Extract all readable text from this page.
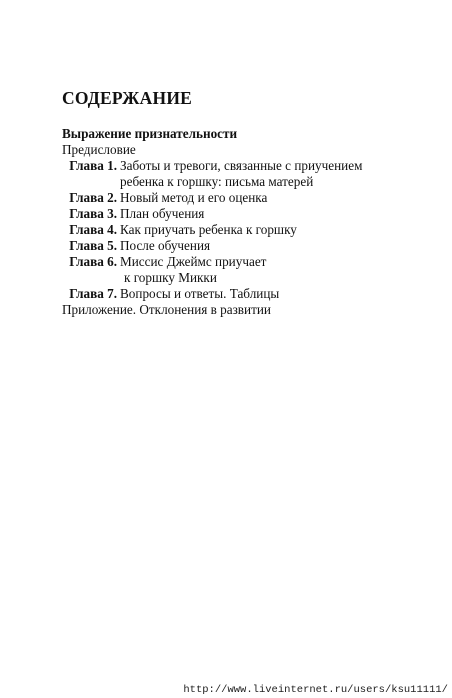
СОДЕРЖАНИЕ
Выражение признательности
Предисловие
Глава 1. Заботы и тревоги, связанные с приучением
ребенка к горшку: письма матерей
Глава 2. Новый метод и его оценка
Глава 3. План обучения
Глава 4. Как приучать ребенка к горшку
Глава 5. После обучения
Глава 6. Миссис Джеймс приучает
к горшку Микки
Глава 7. Вопросы и ответы. Таблицы
Приложение. Отклонения в развитии
http://www.liveinternet.ru/users/ksu11111/
